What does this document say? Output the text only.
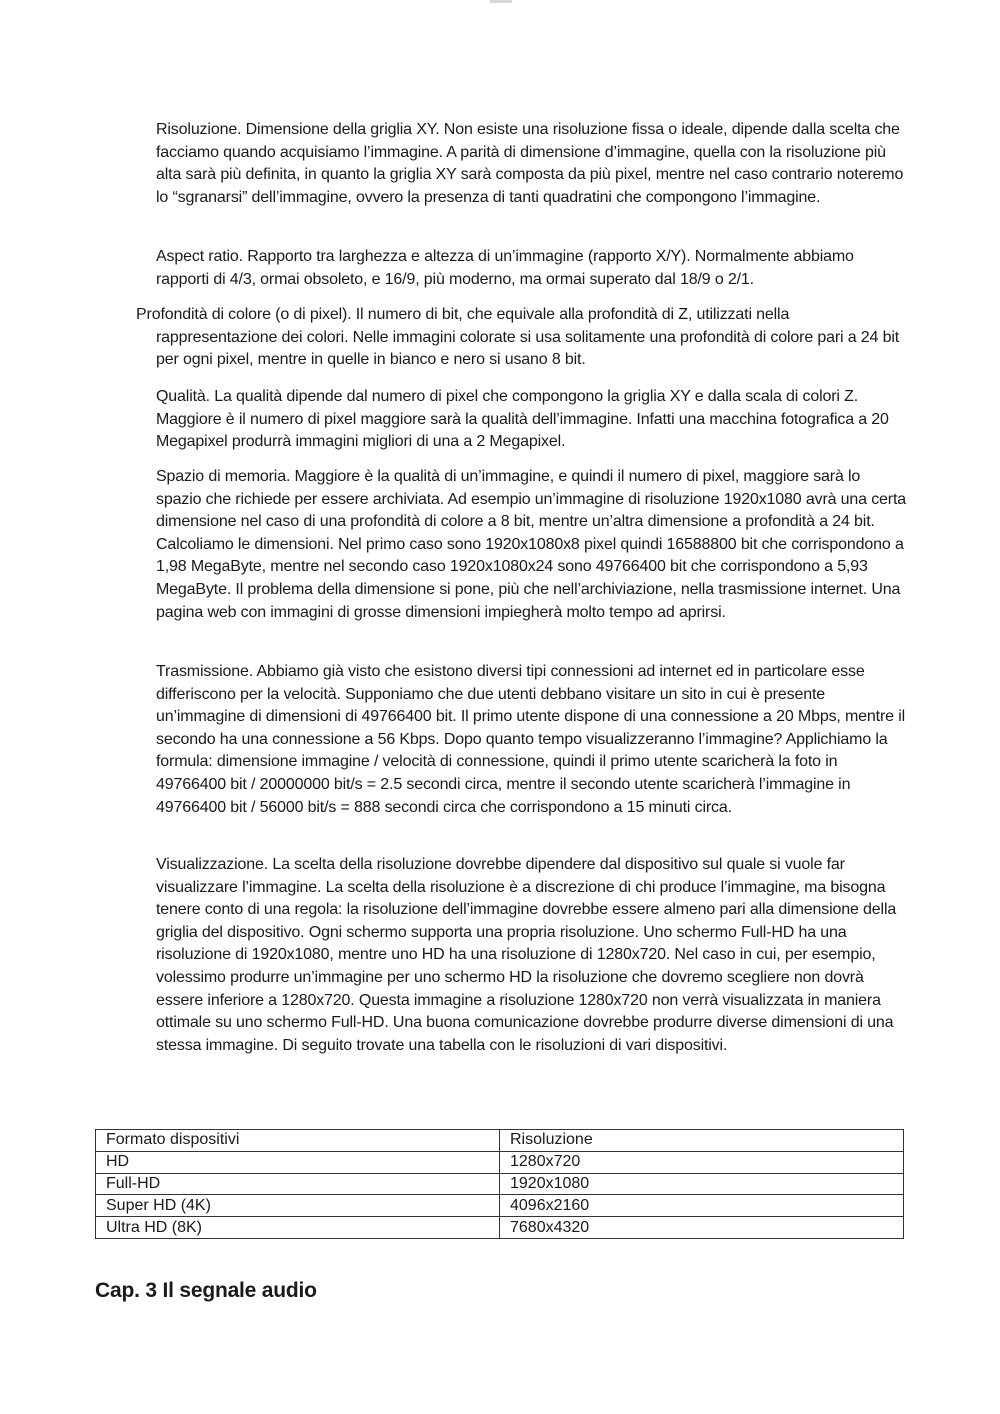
Risoluzione. Dimensione della griglia XY. Non esiste una risoluzione fissa o ideale, dipende dalla scelta che facciamo quando acquisiamo l’immagine. A parità di dimensione d’immagine, quella con la risoluzione più alta sarà più definita, in quanto la griglia XY sarà composta da più pixel, mentre nel caso contrario noteremo lo “sgranarsi” dell’immagine, ovvero la presenza di tanti quadratini che compongono l’immagine.

Aspect ratio. Rapporto tra larghezza e altezza di un’immagine (rapporto X/Y). Normalmente abbiamo rapporti di 4/3, ormai obsoleto, e 16/9, più moderno, ma ormai superato dal 18/9 o 2/1.

Profondità di colore (o di pixel). Il numero di bit, che equivale alla profondità di Z, utilizzati nella rappresentazione dei colori. Nelle immagini colorate si usa solitamente una profondità di colore pari a 24 bit per ogni pixel, mentre in quelle in bianco e nero si usano 8 bit.

Qualità. La qualità dipende dal numero di pixel che compongono la griglia XY e dalla scala di colori Z. Maggiore è il numero di pixel maggiore sarà la qualità dell’immagine. Infatti una macchina fotografica a 20 Megapixel produrrà immagini migliori di una a 2 Megapixel.

Spazio di memoria. Maggiore è la qualità di un’immagine, e quindi il numero di pixel, maggiore sarà lo spazio che richiede per essere archiviata. Ad esempio un’immagine di risoluzione 1920x1080 avrà una certa dimensione nel caso di una profondità di colore a 8 bit, mentre un’altra dimensione a profondità a 24 bit. Calcoliamo le dimensioni. Nel primo caso sono 1920x1080x8 pixel quindi 16588800 bit che corrispondono a 1,98 MegaByte, mentre nel secondo caso 1920x1080x24 sono 49766400 bit che corrispondono a 5,93 MegaByte. Il problema della dimensione si pone, più che nell’archiviazione, nella trasmissione internet. Una pagina web con immagini di grosse dimensioni impiegherà molto tempo ad aprirsi.

Trasmissione. Abbiamo già visto che esistono diversi tipi connessioni ad internet ed in particolare esse differiscono per la velocità. Supponiamo che due utenti debbano visitare un sito in cui è presente un’immagine di dimensioni di 49766400 bit. Il primo utente dispone di una connessione a 20 Mbps, mentre il secondo ha una connessione a 56 Kbps. Dopo quanto tempo visualizzeranno l’immagine? Applichiamo la formula: dimensione immagine / velocità di connessione, quindi il primo utente scaricherà la foto in 49766400 bit / 20000000 bit/s = 2.5 secondi circa, mentre il secondo utente scaricherà l’immagine in 49766400 bit / 56000 bit/s = 888 secondi circa che corrispondono a 15 minuti circa.

Visualizzazione. La scelta della risoluzione dovrebbe dipendere dal dispositivo sul quale si vuole far visualizzare l’immagine. La scelta della risoluzione è a discrezione di chi produce l’immagine, ma bisogna tenere conto di una regola: la risoluzione dell’immagine dovrebbe essere almeno pari alla dimensione della griglia del dispositivo. Ogni schermo supporta una propria risoluzione. Uno schermo Full-HD ha una risoluzione di 1920x1080, mentre uno HD ha una risoluzione di 1280x720. Nel caso in cui, per esempio, volessimo produrre un’immagine per uno schermo HD la risoluzione che dovremo scegliere non dovrà essere inferiore a 1280x720. Questa immagine a risoluzione 1280x720 non verrà visualizzata in maniera ottimale su uno schermo Full-HD. Una buona comunicazione dovrebbe produrre diverse dimensioni di una stessa immagine. Di seguito trovate una tabella con le risoluzioni di vari dispositivi.

Formato dispositivi	Risoluzione
HD	1280x720
Full-HD	1920x1080
Super HD (4K)	4096x2160
Ultra HD (8K)	7680x4320
Cap. 3 Il segnale audio
